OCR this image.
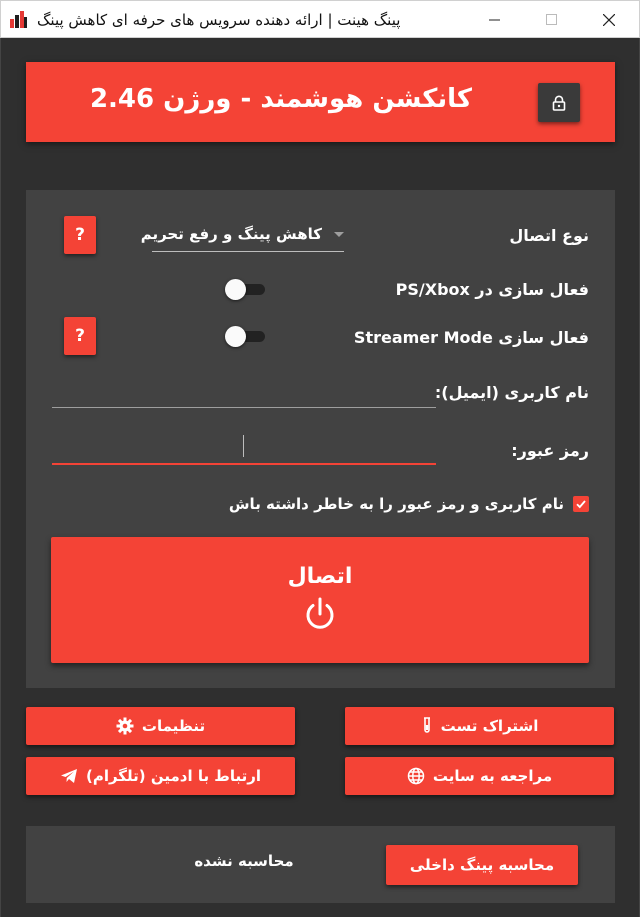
پینگ هینت | ارائه دهنده سرویس های حرفه ای کاهش پینگ
کانکشن هوشمند - ورژن 2.46
نوع اتصال
کاهش پینگ و رفع تحریم
?
فعال سازی در PS/Xbox
فعال سازی Streamer Mode
?
نام کاربری (ایمیل):
رمز عبور:
نام کاربری و رمز عبور را به خاطر داشته باش
اتصال
اشتراک تست
تنظیمات
مراجعه به سایت
ارتباط با ادمین (تلگرام)
محاسبه پینگ داخلی
محاسبه نشده
